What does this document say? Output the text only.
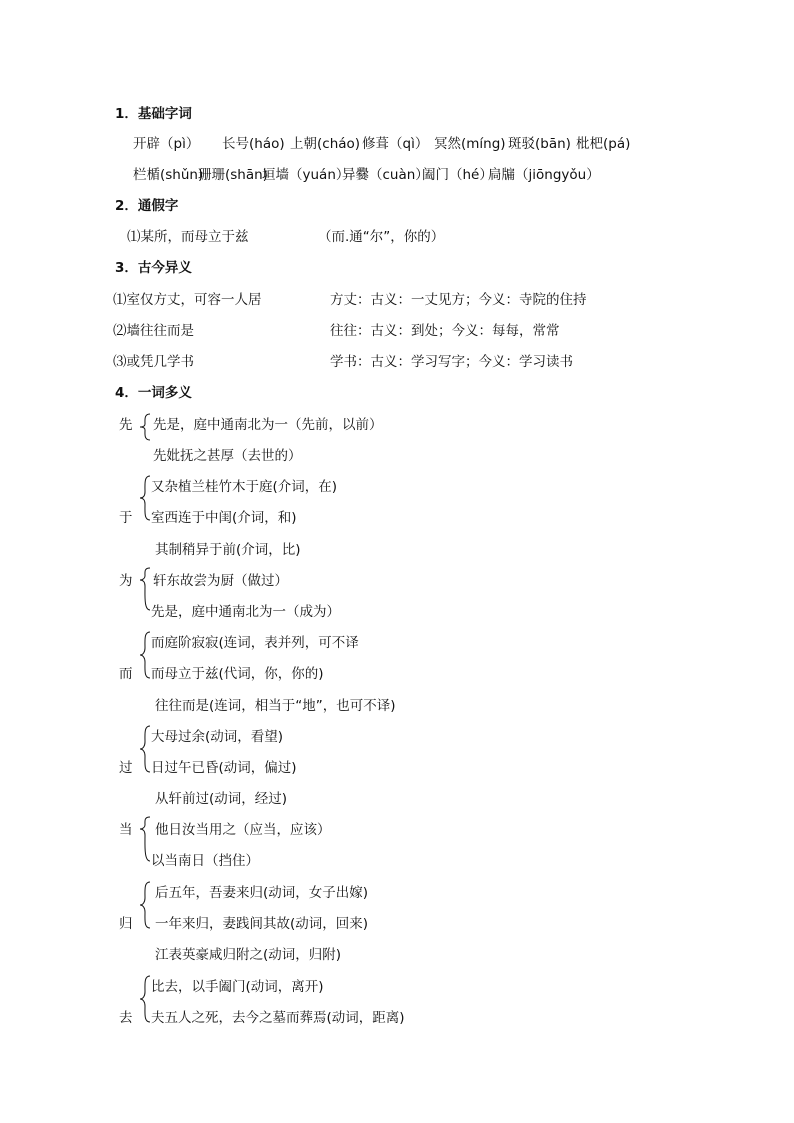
1．基础字词
开辟（pì） 长号(háo) 上朝(cháo) 修葺（qì） 冥然(míng) 斑驳(bān) 枇杷(pá)
栏楯(shǔn)
珊珊(shān)
垣墙（yuán）
异爨（cuàn）
阖门（hé）
扃牖（jiōngyǒu）
2．通假字
⑴某所，而母立于兹	（而.通“尔”，你的）
3．古今异义
⑴室仅方丈，可容一人居	方丈：古义：一丈见方；今义：寺院的住持
⑵墙往往而是	往往：古义：到处；今义：每每，常常
⑶或凭几学书	学书：古义：学习写字；今义：学习读书
4．一词多义
先 先是，庭中通南北为一（先前，以前）
先妣抚之甚厚（去世的）
又杂植兰桂竹木于庭(介词，在)
于 室西连于中闺(介词，和)
其制稍异于前(介词，比)
为 轩东故尝为厨（做过）
先是，庭中通南北为一（成为）
而庭阶寂寂(连词，表并列，可不译
而母立于兹(代词，你，你的)
而
往往而是(连词，相当于“地”，也可不译)
大母过余(动词，看望)
过 日过午已昏(动词，偏过)
从轩前过(动词，经过)
当 他日汝当用之（应当，应该）
以当南日（挡住）
后五年，吾妻来归(动词，女子出嫁)
归 一年来归，妻践间其故(动词，回来)
江表英豪咸归附之(动词，归附)
比去，以手阖门(动词，离开)
去 夫五人之死，去今之墓而葬焉(动词，距离)
